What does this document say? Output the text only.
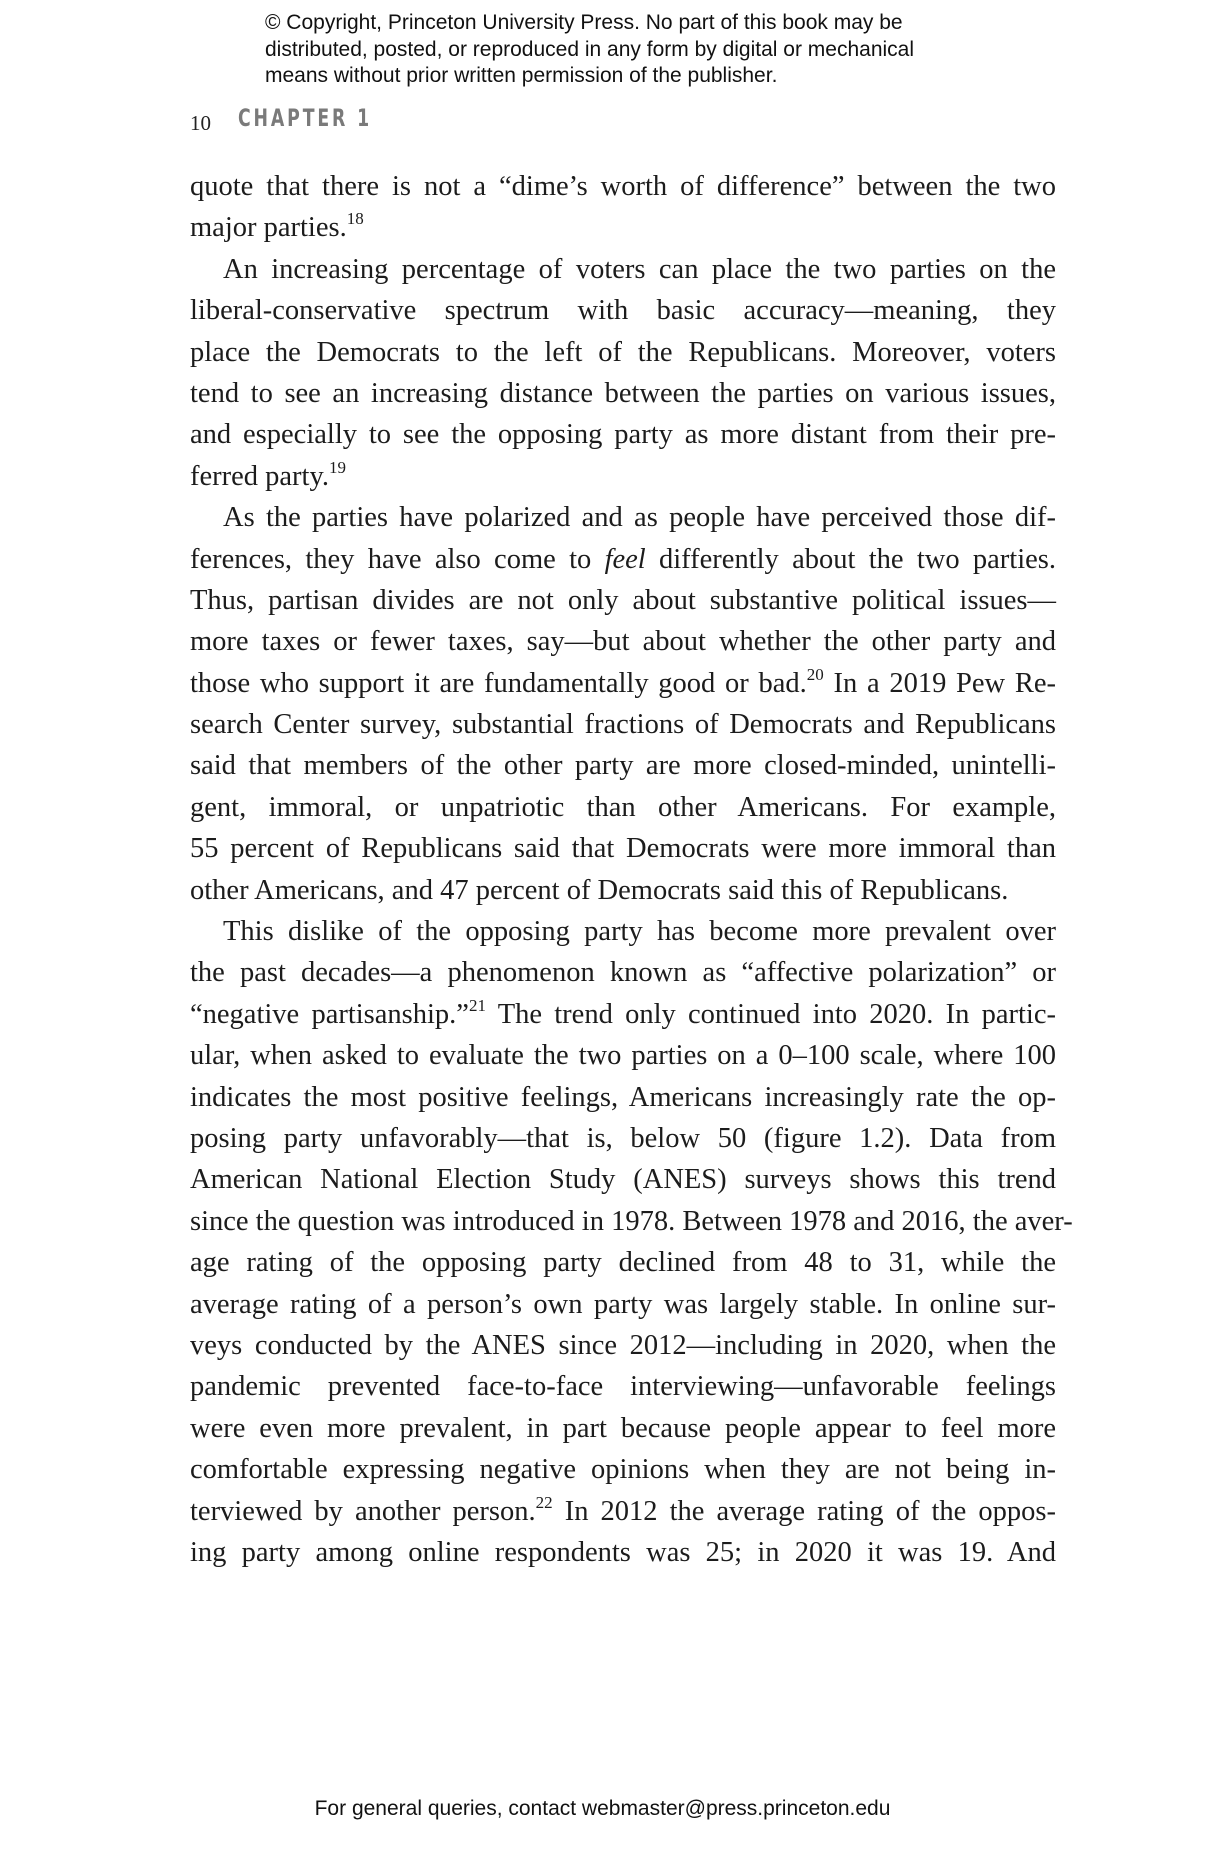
© Copyright, Princeton University Press. No part of this book may be
distributed, posted, or reproduced in any form by digital or mechanical
means without prior written permission of the publisher.
10 CHAPTER 1
quote that there is not a “dime’s worth of difference” between the two
major parties.$^{18}$
An increasing percentage of voters can place the two parties on the
liberal-conservative spectrum with basic accuracy—meaning, they
place the Democrats to the left of the Republicans. Moreover, voters
tend to see an increasing distance between the parties on various issues,
and especially to see the opposing party as more distant from their pre-
ferred party.$^{19}$
As the parties have polarized and as people have perceived those dif-
ferences, they have also come to feel differently about the two parties.
Thus, partisan divides are not only about substantive political issues—
more taxes or fewer taxes, say—but about whether the other party and
those who support it are fundamentally good or bad.$^{20}$ In a 2019 Pew Re-
search Center survey, substantial fractions of Democrats and Republicans
said that members of the other party are more closed-minded, unintelli-
gent, immoral, or unpatriotic than other Americans. For example,
55 percent of Republicans said that Democrats were more immoral than
other Americans, and 47 percent of Democrats said this of Republicans.
This dislike of the opposing party has become more prevalent over
the past decades—a phenomenon known as “affective polarization” or
“negative partisanship.”$^{21}$ The trend only continued into 2020. In partic-
ular, when asked to evaluate the two parties on a 0–100 scale, where 100
indicates the most positive feelings, Americans increasingly rate the op-
posing party unfavorably—that is, below 50 (figure 1.2). Data from
American National Election Study (ANES) surveys shows this trend
since the question was introduced in 1978. Between 1978 and 2016, the aver-
age rating of the opposing party declined from 48 to 31, while the
average rating of a person’s own party was largely stable. In online sur-
veys conducted by the ANES since 2012—including in 2020, when the
pandemic prevented face-to-face interviewing—unfavorable feelings
were even more prevalent, in part because people appear to feel more
comfortable expressing negative opinions when they are not being in-
terviewed by another person.$^{22}$ In 2012 the average rating of the oppos-
ing party among online respondents was 25; in 2020 it was 19. And
For general queries, contact webmaster@press.princeton.edu
